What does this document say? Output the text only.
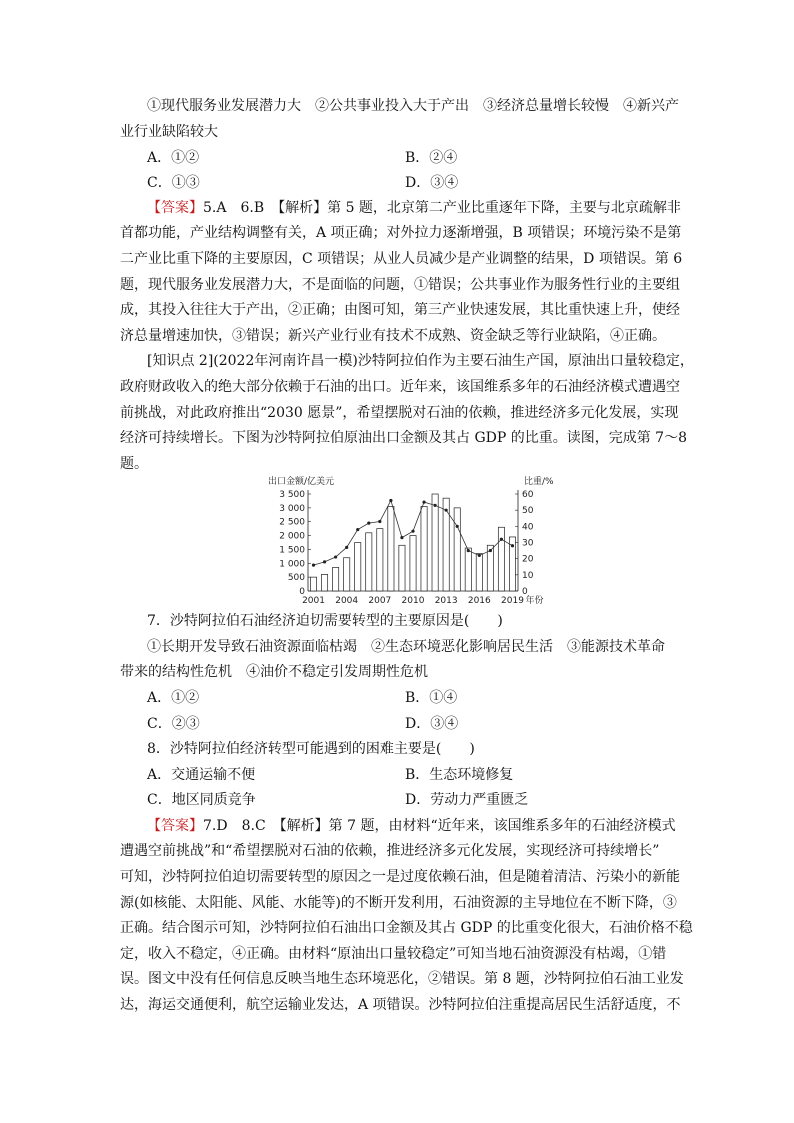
①现代服务业发展潜力大　②公共事业投入大于产出　③经济总量增长较慢　④新兴产
业行业缺陷较大
A．①②	B．②④
C．①③	D．③④
【答案】5.A　6.B　【解析】第 5 题，北京第二产业比重逐年下降，主要与北京疏解非
首都功能，产业结构调整有关，A 项正确；对外拉力逐渐增强，B 项错误；环境污染不是第
二产业比重下降的主要原因，C 项错误；从业人员减少是产业调整的结果，D 项错误。第 6
题，现代服务业发展潜力大，不是面临的问题，①错误；公共事业作为服务性行业的主要组
成，其投入往往大于产出，②正确；由图可知，第三产业快速发展，其比重快速上升，使经
济总量增速加快，③错误；新兴产业行业有技术不成熟、资金缺乏等行业缺陷，④正确。
[知识点 2](2022年河南许昌一模)沙特阿拉伯作为主要石油生产国，原油出口量较稳定，
政府财政收入的绝大部分依赖于石油的出口。近年来，该国维系多年的石油经济模式遭遇空
前挑战，对此政府推出“2030 愿景”，希望摆脱对石油的依赖，推进经济多元化发展，实现
经济可持续增长。下图为沙特阿拉伯原油出口金额及其占 GDP 的比重。读图，完成第 7～8
题。
出口金额/亿美元	比重/%
0
500
1 000
1 500
2 000
2 500
3 000
3 500
0
10
20
30
40
50
60
2001 2004 2007 2010 2013 2016 2019 年份
7．沙特阿拉伯石油经济迫切需要转型的主要原因是(　　)
①长期开发导致石油资源面临枯竭　②生态环境恶化影响居民生活　③能源技术革命
带来的结构性危机　④油价不稳定引发周期性危机
A．①②	B．①④
C．②③	D．③④
8．沙特阿拉伯经济转型可能遇到的困难主要是(　　)
A．交通运输不便	B．生态环境修复
C．地区同质竞争	D．劳动力严重匮乏
【答案】7.D　8.C　【解析】第 7 题，由材料“近年来，该国维系多年的石油经济模式
遭遇空前挑战”和“希望摆脱对石油的依赖，推进经济多元化发展，实现经济可持续增长”
可知，沙特阿拉伯迫切需要转型的原因之一是过度依赖石油，但是随着清洁、污染小的新能
源(如核能、太阳能、风能、水能等)的不断开发利用，石油资源的主导地位在不断下降，③
正确。结合图示可知，沙特阿拉伯石油出口金额及其占 GDP 的比重变化很大，石油价格不稳
定，收入不稳定，④正确。由材料“原油出口量较稳定”可知当地石油资源没有枯竭，①错
误。图文中没有任何信息反映当地生态环境恶化，②错误。第 8 题，沙特阿拉伯石油工业发
达，海运交通便利，航空运输业发达，A 项错误。沙特阿拉伯注重提高居民生活舒适度，不
